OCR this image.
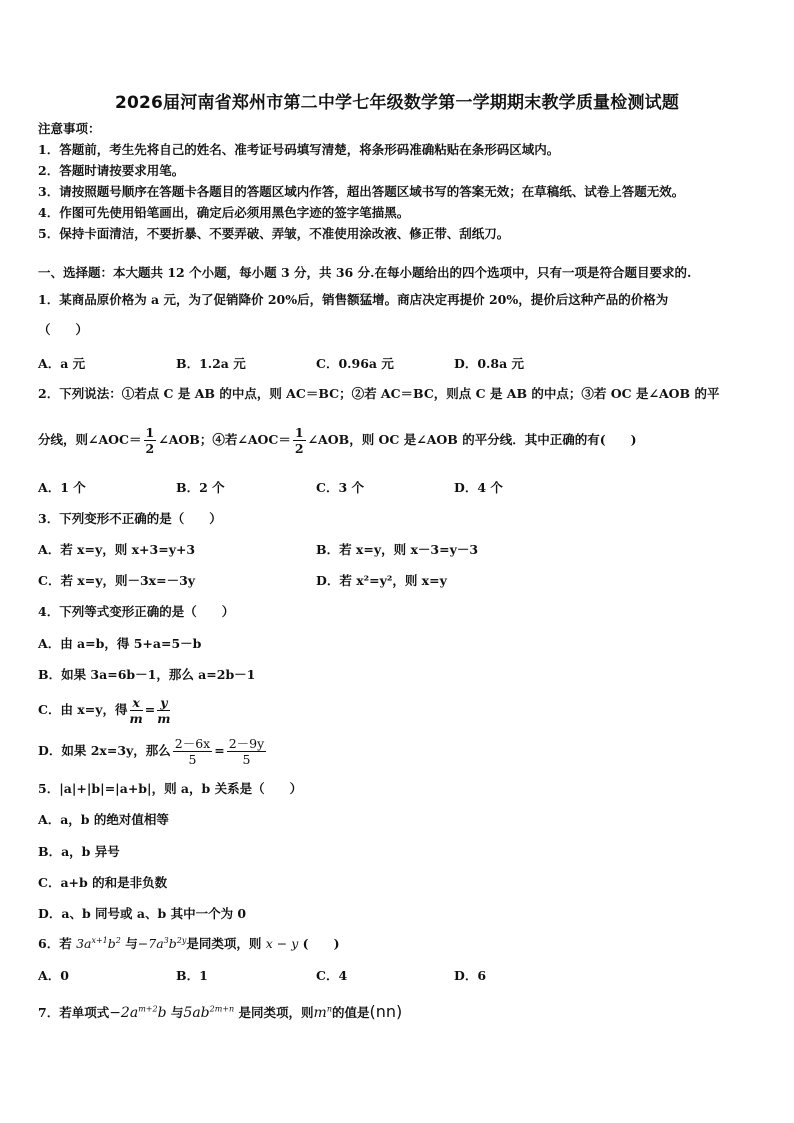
2026届河南省郑州市第二中学七年级数学第一学期期末教学质量检测试题
注意事项：
1．答题前，考生先将自己的姓名、准考证号码填写清楚，将条形码准确粘贴在条形码区域内。
2．答题时请按要求用笔。
3．请按照题号顺序在答题卡各题目的答题区域内作答，超出答题区域书写的答案无效；在草稿纸、试卷上答题无效。
4．作图可先使用铅笔画出，确定后必须用黑色字迹的签字笔描黑。
5．保持卡面清洁，不要折暴、不要弄破、弄皱，不准使用涂改液、修正带、刮纸刀。
一、选择题：本大题共 12 个小题，每小题 3 分，共 36 分.在每小题给出的四个选项中，只有一项是符合题目要求的.
1．某商品原价格为 a 元，为了促销降价 20%后，销售额猛增。商店决定再提价 20%，提价后这种产品的价格为
（　　）
A．a 元	B．1.2a 元	C．0.96a 元	D．0.8a 元
2．下列说法：①若点 C 是 AB 的中点，则 AC＝BC；②若 AC＝BC，则点 C 是 AB 的中点；③若 OC 是∠AOB 的平
分线，则∠AOC＝ $\frac{1}{2}$ ∠AOB；④若∠AOC＝ $\frac{1}{2}$ ∠AOB，则 OC 是∠AOB 的平分线．其中正确的有(　　)
A．1 个	B．2 个	C．3 个	D．4 个
3．下列变形不正确的是（　　）
A．若 x=y，则 x+3=y+3	B．若 x=y，则 x－3=y－3
C．若 x=y，则－3x=－3y	D．若 x²=y²，则 x=y
4．下列等式变形正确的是（　　）
A．由 a=b，得 5+a=5－b
B．如果 3a=6b－1，那么 a=2b－1
C．由 x=y，得 $\frac{x}{m} = \frac{y}{m}$
D．如果 2x=3y，那么 $\frac{2-6x}{5} = \frac{2-9y}{5}$
5．|a|+|b|=|a+b|，则 a，b 关系是（　　）
A．a，b 的绝对值相等
B．a，b 异号
C．a+b 的和是非负数
D．a、b 同号或 a、b 其中一个为 0
6．若 $3a^{x+1}b^2$ 与$-7a^3b^{2y}$是同类项，则 x − y (　　)
A．0	B．1	C．4	D．6
7．若单项式$-2a^{m+2}b$ 与$5ab^{2m+n}$ 是同类项，则$m^n$的值是(nn)
